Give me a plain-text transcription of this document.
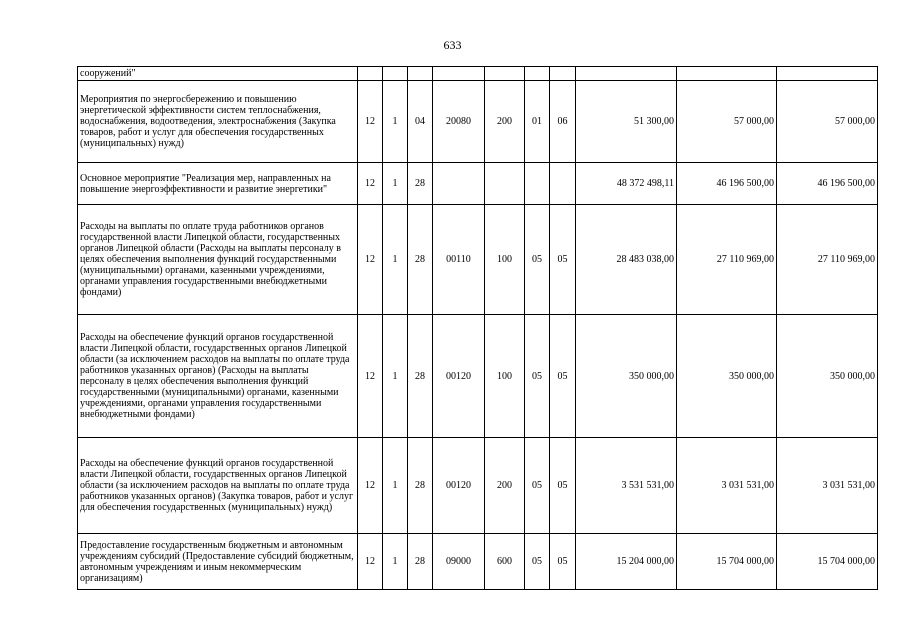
633
сооружений"										
Мероприятия по энергосбережению и повышению энергетической эффективности систем теплоснабжения, водоснабжения, водоотведения, электроснабжения (Закупка товаров, работ и услуг для обеспечения государственных (муниципальных) нужд)	12	1	04	20080	200	01	06	51 300,00	57 000,00	57 000,00
Основное мероприятие "Реализация мер, направленных на повышение энергоэффективности и развитие энергетики"	12	1	28					48 372 498,11	46 196 500,00	46 196 500,00
Расходы на выплаты по оплате труда работников органов государственной власти Липецкой области, государственных органов Липецкой области (Расходы на выплаты персоналу в целях обеспечения выполнения функций государственными (муниципальными) органами, казенными учреждениями, органами управления государственными внебюджетными фондами)	12	1	28	00110	100	05	05	28 483 038,00	27 110 969,00	27 110 969,00
Расходы на обеспечение функций органов государственной власти Липецкой области, государственных органов Липецкой области (за исключением расходов на выплаты по оплате труда работников указанных органов) (Расходы на выплаты персоналу в целях обеспечения выполнения функций государственными (муниципальными) органами, казенными учреждениями, органами управления государственными внебюджетными фондами)	12	1	28	00120	100	05	05	350 000,00	350 000,00	350 000,00
Расходы на обеспечение функций органов государственной власти Липецкой области, государственных органов Липецкой области (за исключением расходов на выплаты по оплате труда работников указанных органов) (Закупка товаров, работ и услуг для обеспечения государственных (муниципальных) нужд)	12	1	28	00120	200	05	05	3 531 531,00	3 031 531,00	3 031 531,00
Предоставление государственным бюджетным и автономным учреждениям субсидий (Предоставление субсидий бюджетным, автономным учреждениям и иным некоммерческим организациям)	12	1	28	09000	600	05	05	15 204 000,00	15 704 000,00	15 704 000,00
